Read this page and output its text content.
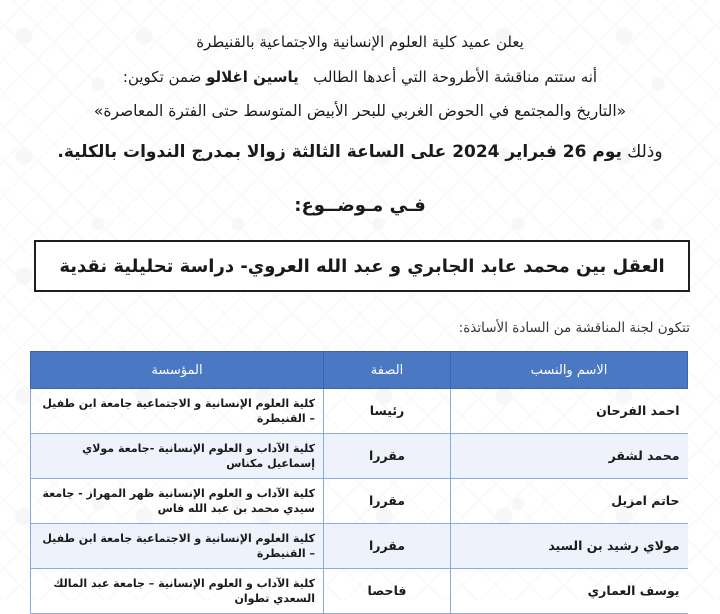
يعلن عميد كلية العلوم الإنسانية والاجتماعية بالقنيطرة
أنه ستتم مناقشة الأطروحة التي أعدها الطالب   ياسين اغلالو ضمن تكوين:
«التاريخ والمجتمع في الحوض الغربي للبحر الأبيض المتوسط حتى الفترة المعاصرة»
وذلك يوم 26 فبراير 2024 على الساعة الثالثة زوالا بمدرج الندوات بالكلية.
فـي مـوضــوع:
العقل بين محمد عابد الجابري و عبد الله العروي- دراسة تحليلية نقدية
تتكون لجنة المناقشة من السادة الأساتذة:
الاسم والنسب	الصفة	المؤسسة
احمد الفرحان	رئيسا	كلية العلوم الإنسانية و الاجتماعية جامعة ابن طفيل – القنيطرة
محمد لشقر	مقررا	كلية الآداب و العلوم الإنسانية -جامعة مولاي إسماعيل مكناس
حاتم امزيل	مقررا	كلية الآداب و العلوم الإنسانية ظهر المهراز - جامعة سيدي محمد بن عبد الله فاس
مولاي رشيد بن السيد	مقررا	كلية العلوم الإنسانية و الاجتماعية جامعة ابن طفيل – القنيطرة
يوسف العماري	فاحصا	كلية الآداب و العلوم الإنسانية – جامعة عبد المالك السعدي تطوان
